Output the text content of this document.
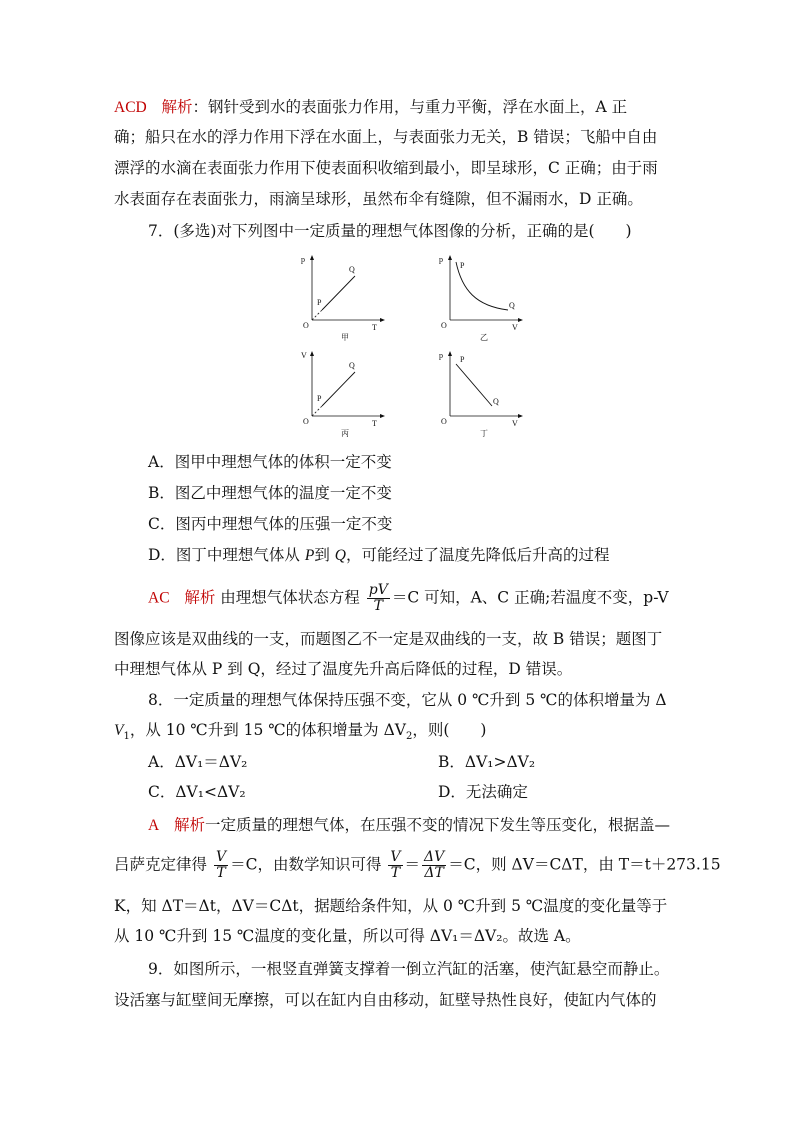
ACD 解析：钢针受到水的表面张力作用，与重力平衡，浮在水面上，A 正
确；船只在水的浮力作用下浮在水面上，与表面张力无关，B 错误；飞船中自由
漂浮的水滴在表面张力作用下使表面积收缩到最小，即呈球形，C 正确；由于雨
水表面存在表面张力，雨滴呈球形，虽然布伞有缝隙，但不漏雨水，D 正确。
7．(多选)对下列图中一定质量的理想气体图像的分析，正确的是(　　)
p
O	T
P
Q
甲
p
O	V
P
Q
乙
V
O	T
P
Q
丙
p
O	V
P
Q
丁
A．图甲中理想气体的体积一定不变
B．图乙中理想气体的温度一定不变
C．图丙中理想气体的压强一定不变
D．图丁中理想气体从 P到 Q，可能经过了温度先降低后升高的过程
AC 解析 由理想气体状态方程 $\frac{pV}{T} =C$ 可知，A、C 正确;若温度不变，p-V
图像应该是双曲线的一支，而题图乙不一定是双曲线的一支，故 B 错误；题图丁
中理想气体从 P 到 Q，经过了温度先升高后降低的过程，D 错误。
8．一定质量的理想气体保持压强不变，它从 0 ℃升到 5 ℃的体积增量为 Δ
$V_1$，从 10 ℃升到 15 ℃的体积增量为 $\Delta V_2$，则(　　)
A．ΔV₁＝ΔV₂	B．ΔV₁>ΔV₂
C．ΔV₁<ΔV₂	D．无法确定
A 解析一定质量的理想气体，在压强不变的情况下发生等压变化，根据盖—
吕萨克定律得 $\frac{V}{T} =C$，由数学知识可得 $\frac{V}{T} = \frac{\Delta V}{\Delta T} =C$，则 ΔV＝CΔT，由 T＝t＋273.15
K，知 ΔT＝Δt，ΔV＝CΔt，据题给条件知，从 0 ℃升到 5 ℃温度的变化量等于
从 10 ℃升到 15 ℃温度的变化量，所以可得 ΔV₁＝ΔV₂。故选 A。
9．如图所示，一根竖直弹簧支撑着一倒立汽缸的活塞，使汽缸悬空而静止。
设活塞与缸壁间无摩擦，可以在缸内自由移动，缸壁导热性良好，使缸内气体的
